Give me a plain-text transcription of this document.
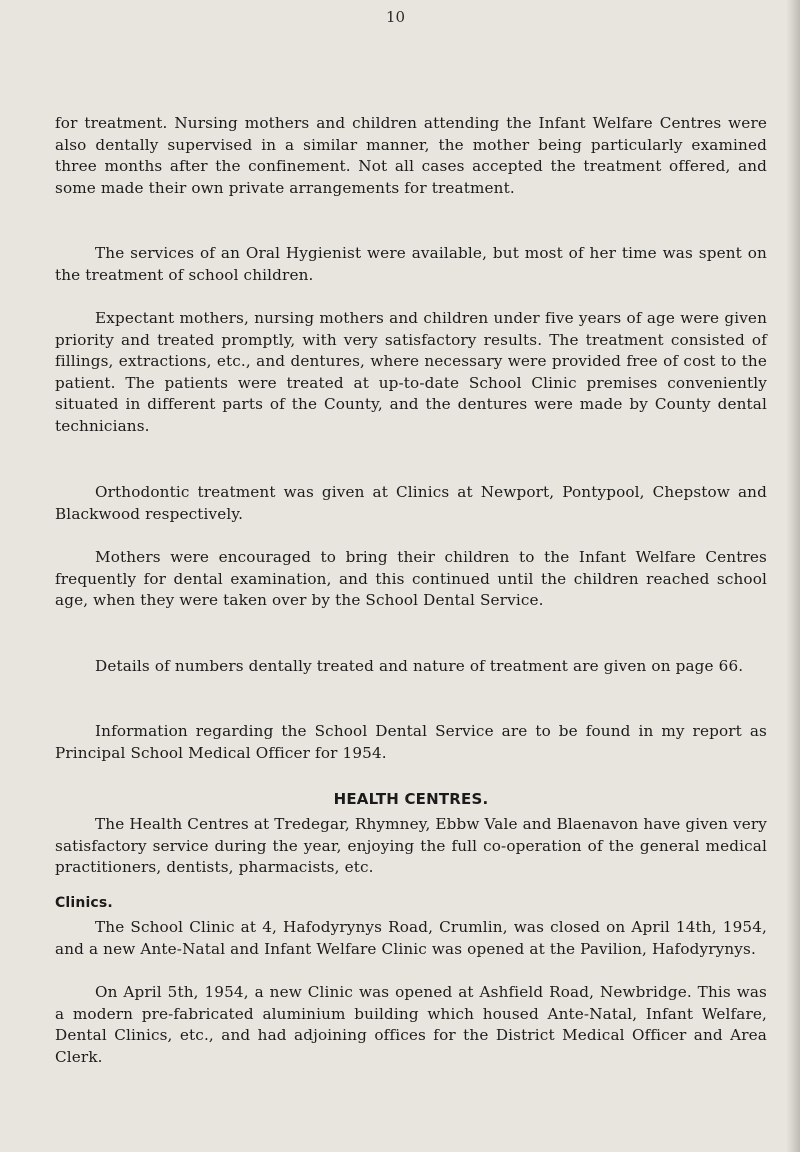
10

for treatment. Nursing mothers and children attending the Infant Welfare Centres were also dentally supervised in a similar manner, the mother being particularly examined three months after the confinement. Not all cases accepted the treatment offered, and some made their own private arrangements for treatment.

The services of an Oral Hygienist were available, but most of her time was spent on the treatment of school children.

Expectant mothers, nursing mothers and children under five years of age were given priority and treated promptly, with very satisfactory results. The treatment consisted of fillings, extractions, etc., and dentures, where necessary were provided free of cost to the patient. The patients were treated at up-to-date School Clinic premises conveniently situated in different parts of the County, and the dentures were made by County dental technicians.

Orthodontic treatment was given at Clinics at Newport, Pontypool, Chepstow and Blackwood respectively.

Mothers were encouraged to bring their children to the Infant Welfare Centres frequently for dental examination, and this continued until the children reached school age, when they were taken over by the School Dental Service.

Details of numbers dentally treated and nature of treatment are given on page 66.

Information regarding the School Dental Service are to be found in my report as Principal School Medical Officer for 1954.

HEALTH CENTRES.

The Health Centres at Tredegar, Rhymney, Ebbw Vale and Blaenavon have given very satisfactory service during the year, enjoying the full co-operation of the general medical practitioners, dentists, pharmacists, etc.

Clinics.

The School Clinic at 4, Hafodyrynys Road, Crumlin, was closed on April 14th, 1954, and a new Ante-Natal and Infant Welfare Clinic was opened at the Pavilion, Hafodyrynys.

On April 5th, 1954, a new Clinic was opened at Ashfield Road, Newbridge. This was a modern pre-fabricated aluminium building which housed Ante-Natal, Infant Welfare, Dental Clinics, etc., and had adjoining offices for the District Medical Officer and Area Clerk.
